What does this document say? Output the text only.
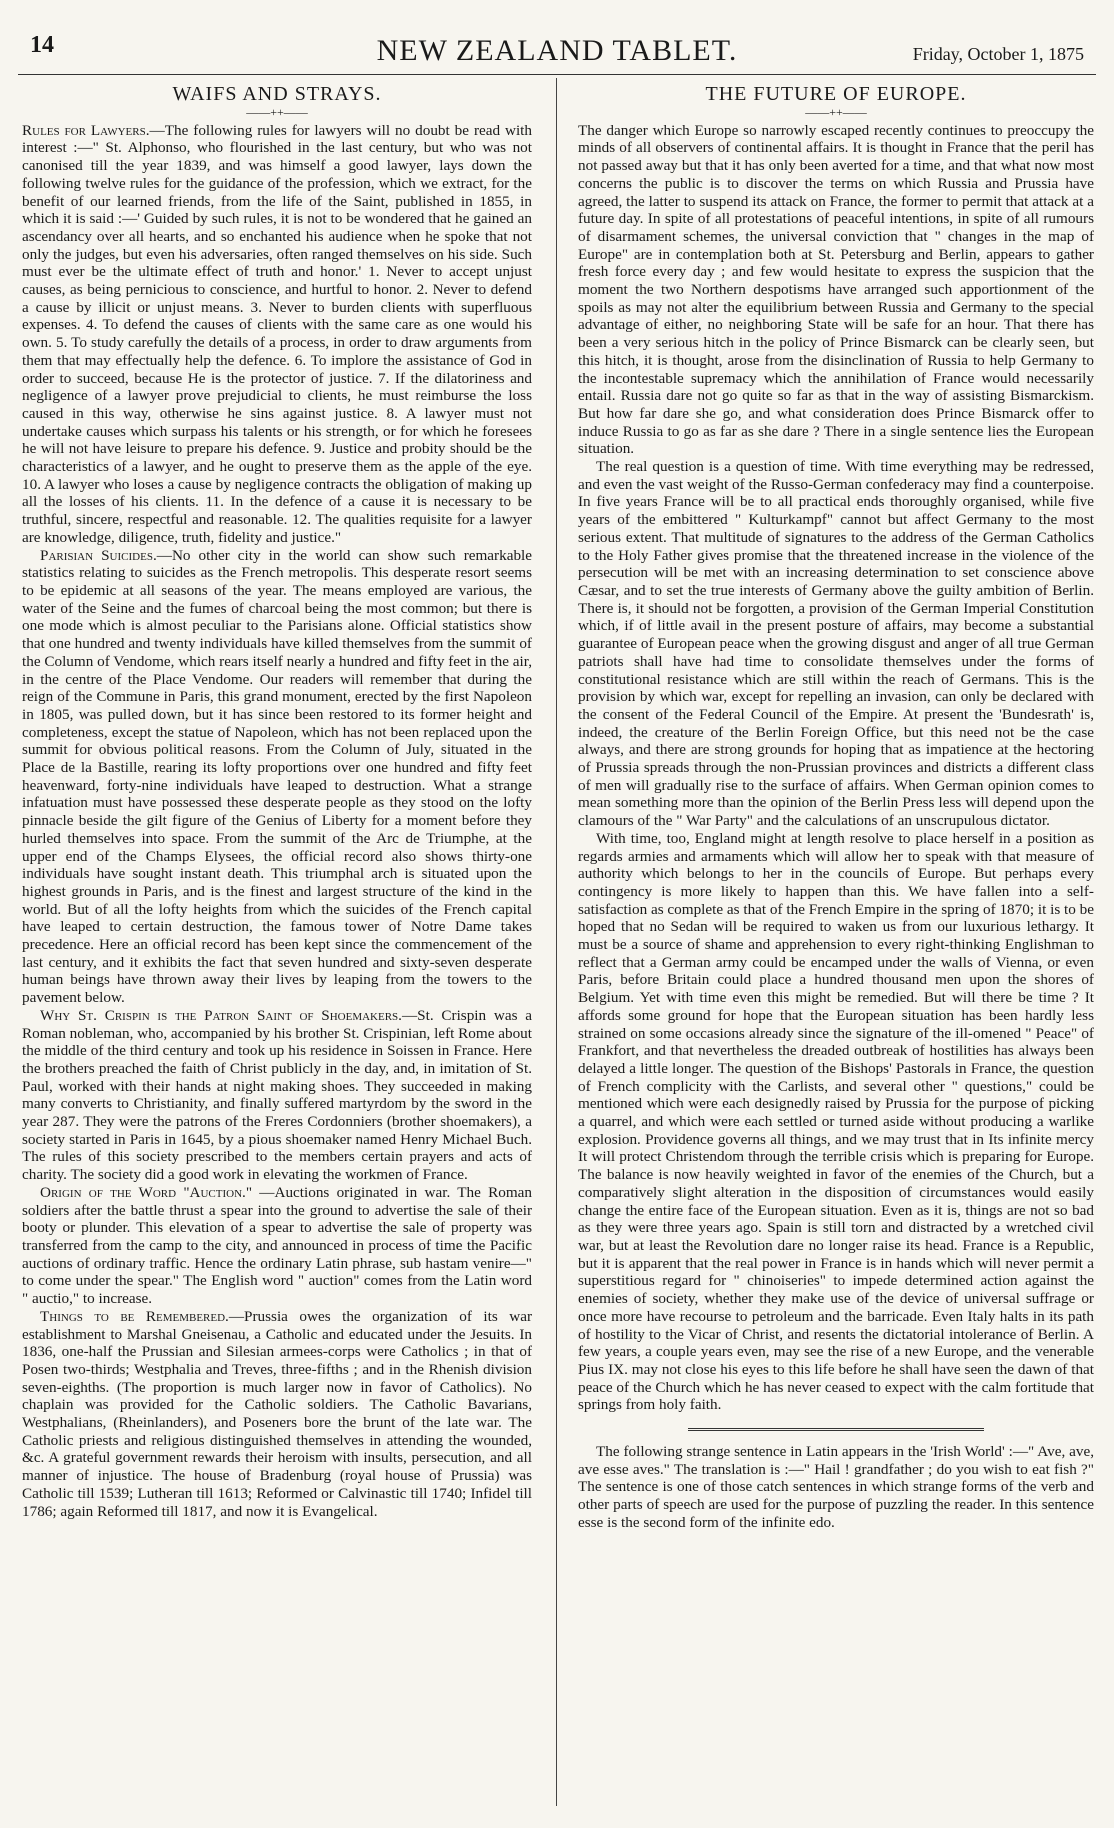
14	NEW ZEALAND TABLET.	Friday, October 1, 1875
WAIFS AND STRAYS.
——++——

Rules for Lawyers.—The following rules for lawyers will no doubt be read with interest :—" St. Alphonso, who flourished in the last century, but who was not canonised till the year 1839, and was himself a good lawyer, lays down the following twelve rules for the guidance of the profession, which we extract, for the benefit of our learned friends, from the life of the Saint, published in 1855, in which it is said :—' Guided by such rules, it is not to be wondered that he gained an ascendancy over all hearts, and so enchanted his audience when he spoke that not only the judges, but even his adversaries, often ranged themselves on his side. Such must ever be the ultimate effect of truth and honor.' 1. Never to accept unjust causes, as being pernicious to conscience, and hurtful to honor. 2. Never to defend a cause by illicit or unjust means. 3. Never to burden clients with superfluous expenses. 4. To defend the causes of clients with the same care as one would his own. 5. To study carefully the details of a process, in order to draw arguments from them that may effectually help the defence. 6. To implore the assistance of God in order to succeed, because He is the protector of justice. 7. If the dilatoriness and negligence of a lawyer prove prejudicial to clients, he must reimburse the loss caused in this way, otherwise he sins against justice. 8. A lawyer must not undertake causes which surpass his talents or his strength, or for which he foresees he will not have leisure to prepare his defence. 9. Justice and probity should be the characteristics of a lawyer, and he ought to preserve them as the apple of the eye. 10. A lawyer who loses a cause by negligence contracts the obligation of making up all the losses of his clients. 11. In the defence of a cause it is necessary to be truthful, sincere, respectful and reasonable. 12. The qualities requisite for a lawyer are knowledge, diligence, truth, fidelity and justice."

Parisian Suicides.—No other city in the world can show such remarkable statistics relating to suicides as the French metropolis. This desperate resort seems to be epidemic at all seasons of the year. The means employed are various, the water of the Seine and the fumes of charcoal being the most common; but there is one mode which is almost peculiar to the Parisians alone. Official statistics show that one hundred and twenty individuals have killed themselves from the summit of the Column of Vendome, which rears itself nearly a hundred and fifty feet in the air, in the centre of the Place Vendome. Our readers will remember that during the reign of the Commune in Paris, this grand monument, erected by the first Napoleon in 1805, was pulled down, but it has since been restored to its former height and completeness, except the statue of Napoleon, which has not been replaced upon the summit for obvious political reasons. From the Column of July, situated in the Place de la Bastille, rearing its lofty proportions over one hundred and fifty feet heavenward, forty-nine individuals have leaped to destruction. What a strange infatuation must have possessed these desperate people as they stood on the lofty pinnacle beside the gilt figure of the Genius of Liberty for a moment before they hurled themselves into space. From the summit of the Arc de Triumphe, at the upper end of the Champs Elysees, the official record also shows thirty-one individuals have sought instant death. This triumphal arch is situated upon the highest grounds in Paris, and is the finest and largest structure of the kind in the world. But of all the lofty heights from which the suicides of the French capital have leaped to certain destruction, the famous tower of Notre Dame takes precedence. Here an official record has been kept since the commencement of the last century, and it exhibits the fact that seven hundred and sixty-seven desperate human beings have thrown away their lives by leaping from the towers to the pavement below.

Why St. Crispin is the Patron Saint of Shoemakers.—St. Crispin was a Roman nobleman, who, accompanied by his brother St. Crispinian, left Rome about the middle of the third century and took up his residence in Soissen in France. Here the brothers preached the faith of Christ publicly in the day, and, in imitation of St. Paul, worked with their hands at night making shoes. They succeeded in making many converts to Christianity, and finally suffered martyrdom by the sword in the year 287. They were the patrons of the Freres Cordonniers (brother shoemakers), a society started in Paris in 1645, by a pious shoemaker named Henry Michael Buch. The rules of this society prescribed to the members certain prayers and acts of charity. The society did a good work in elevating the workmen of France.

Origin of the Word "Auction." —Auctions originated in war. The Roman soldiers after the battle thrust a spear into the ground to advertise the sale of their booty or plunder. This elevation of a spear to advertise the sale of property was transferred from the camp to the city, and announced in process of time the Pacific auctions of ordinary traffic. Hence the ordinary Latin phrase, sub hastam venire—" to come under the spear." The English word " auction" comes from the Latin word " auctio," to increase.

Things to be Remembered.—Prussia owes the organization of its war establishment to Marshal Gneisenau, a Catholic and educated under the Jesuits. In 1836, one-half the Prussian and Silesian armees-corps were Catholics ; in that of Posen two-thirds; Westphalia and Treves, three-fifths ; and in the Rhenish division seven-eighths. (The proportion is much larger now in favor of Catholics). No chaplain was provided for the Catholic soldiers. The Catholic Bavarians, Westphalians, (Rheinlanders), and Poseners bore the brunt of the late war. The Catholic priests and religious distinguished themselves in attending the wounded, &c. A grateful government rewards their heroism with insults, persecution, and all manner of injustice. The house of Bradenburg (royal house of Prussia) was Catholic till 1539; Lutheran till 1613; Reformed or Calvinastic till 1740; Infidel till 1786; again Reformed till 1817, and now it is Evangelical.

THE FUTURE OF EUROPE.
——++——

The danger which Europe so narrowly escaped recently continues to preoccupy the minds of all observers of continental affairs. It is thought in France that the peril has not passed away but that it has only been averted for a time, and that what now most concerns the public is to discover the terms on which Russia and Prussia have agreed, the latter to suspend its attack on France, the former to permit that attack at a future day. In spite of all protestations of peaceful intentions, in spite of all rumours of disarmament schemes, the universal conviction that " changes in the map of Europe" are in contemplation both at St. Petersburg and Berlin, appears to gather fresh force every day ; and few would hesitate to express the suspicion that the moment the two Northern despotisms have arranged such apportionment of the spoils as may not alter the equilibrium between Russia and Germany to the special advantage of either, no neighboring State will be safe for an hour. That there has been a very serious hitch in the policy of Prince Bismarck can be clearly seen, but this hitch, it is thought, arose from the disinclination of Russia to help Germany to the incontestable supremacy which the annihilation of France would necessarily entail. Russia dare not go quite so far as that in the way of assisting Bismarckism. But how far dare she go, and what consideration does Prince Bismarck offer to induce Russia to go as far as she dare ? There in a single sentence lies the European situation.

The real question is a question of time. With time everything may be redressed, and even the vast weight of the Russo-German confederacy may find a counterpoise. In five years France will be to all practical ends thoroughly organised, while five years of the embittered " Kulturkampf" cannot but affect Germany to the most serious extent. That multitude of signatures to the address of the German Catholics to the Holy Father gives promise that the threatened increase in the violence of the persecution will be met with an increasing determination to set conscience above Cæsar, and to set the true interests of Germany above the guilty ambition of Berlin. There is, it should not be forgotten, a provision of the German Imperial Constitution which, if of little avail in the present posture of affairs, may become a substantial guarantee of European peace when the growing disgust and anger of all true German patriots shall have had time to consolidate themselves under the forms of constitutional resistance which are still within the reach of Germans. This is the provision by which war, except for repelling an invasion, can only be declared with the consent of the Federal Council of the Empire. At present the 'Bundesrath' is, indeed, the creature of the Berlin Foreign Office, but this need not be the case always, and there are strong grounds for hoping that as impatience at the hectoring of Prussia spreads through the non-Prussian provinces and districts a different class of men will gradually rise to the surface of affairs. When German opinion comes to mean something more than the opinion of the Berlin Press less will depend upon the clamours of the " War Party" and the calculations of an unscrupulous dictator.

With time, too, England might at length resolve to place herself in a position as regards armies and armaments which will allow her to speak with that measure of authority which belongs to her in the councils of Europe. But perhaps every contingency is more likely to happen than this. We have fallen into a self-satisfaction as complete as that of the French Empire in the spring of 1870; it is to be hoped that no Sedan will be required to waken us from our luxurious lethargy. It must be a source of shame and apprehension to every right-thinking Englishman to reflect that a German army could be encamped under the walls of Vienna, or even Paris, before Britain could place a hundred thousand men upon the shores of Belgium. Yet with time even this might be remedied. But will there be time ? It affords some ground for hope that the European situation has been hardly less strained on some occasions already since the signature of the ill-omened " Peace" of Frankfort, and that nevertheless the dreaded outbreak of hostilities has always been delayed a little longer. The question of the Bishops' Pastorals in France, the question of French complicity with the Carlists, and several other " questions," could be mentioned which were each designedly raised by Prussia for the purpose of picking a quarrel, and which were each settled or turned aside without producing a warlike explosion. Providence governs all things, and we may trust that in Its infinite mercy It will protect Christendom through the terrible crisis which is preparing for Europe. The balance is now heavily weighted in favor of the enemies of the Church, but a comparatively slight alteration in the disposition of circumstances would easily change the entire face of the European situation. Even as it is, things are not so bad as they were three years ago. Spain is still torn and distracted by a wretched civil war, but at least the Revolution dare no longer raise its head. France is a Republic, but it is apparent that the real power in France is in hands which will never permit a superstitious regard for " chinoiseries" to impede determined action against the enemies of society, whether they make use of the device of universal suffrage or once more have recourse to petroleum and the barricade. Even Italy halts in its path of hostility to the Vicar of Christ, and resents the dictatorial intolerance of Berlin. A few years, a couple years even, may see the rise of a new Europe, and the venerable Pius IX. may not close his eyes to this life before he shall have seen the dawn of that peace of the Church which he has never ceased to expect with the calm fortitude that springs from holy faith.

The following strange sentence in Latin appears in the 'Irish World' :—" Ave, ave, ave esse aves." The translation is :—" Hail ! grandfather ; do you wish to eat fish ?" The sentence is one of those catch sentences in which strange forms of the verb and other parts of speech are used for the purpose of puzzling the reader. In this sentence esse is the second form of the infinite edo.
